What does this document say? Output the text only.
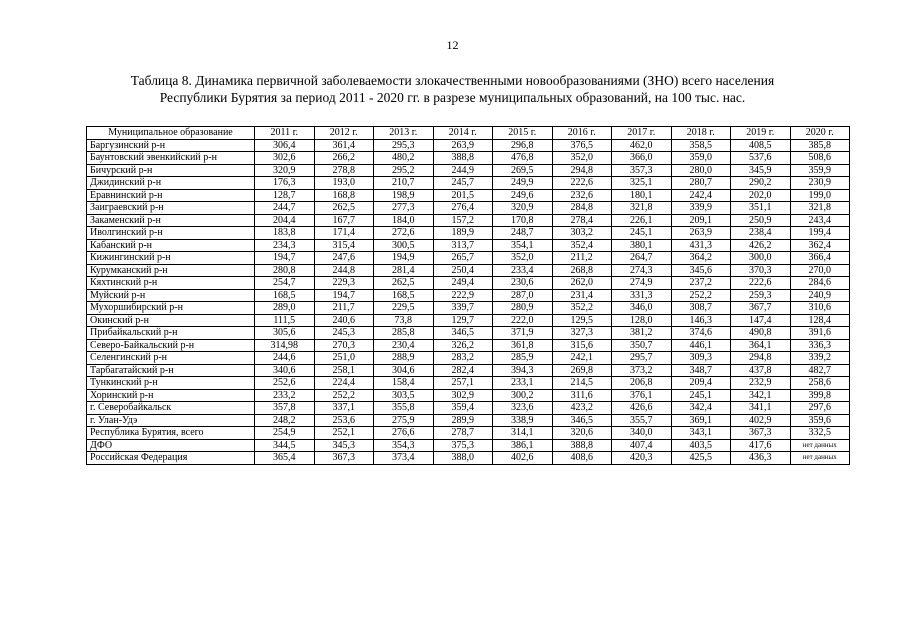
12
Таблица 8. Динамика первичной заболеваемости злокачественными новообразованиями (ЗНО) всего населения
Республики Бурятия за период 2011 - 2020 гг. в разрезе муниципальных образований, на 100 тыс. нас.
Муниципальное образование	2011 г.	2012 г.	2013 г.	2014 г.	2015 г.	2016 г.	2017 г.	2018 г.	2019 г.	2020 г.
Баргузинский р-н	306,4	361,4	295,3	263,9	296,8	376,5	462,0	358,5	408,5	385,8
Баунтовский эвенкийский р-н	302,6	266,2	480,2	388,8	476,8	352,0	366,0	359,0	537,6	508,6
Бичурский р-н	320,9	278,8	295,2	244,9	269,5	294,8	357,3	280,0	345,9	359,9
Джидинский р-н	176,3	193,0	210,7	245,7	249,9	222,6	325,1	280,7	290,2	230,9
Еравнинский р-н	128,7	168,8	198,9	201,5	249,6	232,6	180,1	242,4	202,0	199,0
Заиграевский р-н	244,7	262,5	277,3	276,4	320,9	284,8	321,8	339,9	351,1	321,8
Закаменский р-н	204,4	167,7	184,0	157,2	170,8	278,4	226,1	209,1	250,9	243,4
Иволгинский р-н	183,8	171,4	272,6	189,9	248,7	303,2	245,1	263,9	238,4	199,4
Кабанский р-н	234,3	315,4	300,5	313,7	354,1	352,4	380,1	431,3	426,2	362,4
Кижингинский р-н	194,7	247,6	194,9	265,7	352,0	211,2	264,7	364,2	300,0	366,4
Курумканский р-н	280,8	244,8	281,4	250,4	233,4	268,8	274,3	345,6	370,3	270,0
Кяхтинский р-н	254,7	229,3	262,5	249,4	230,6	262,0	274,9	237,2	222,6	284,6
Муйский р-н	168,5	194,7	168,5	222,9	287,0	231,4	331,3	252,2	259,3	240,9
Мухоршибирский р-н	289,0	211,7	229,5	339,7	280,9	352,2	346,0	308,7	367,7	310,6
Окинский р-н	111,5	240,6	73,8	129,7	222,0	129,5	128,0	146,3	147,4	128,4
Прибайкальский р-н	305,6	245,3	285,8	346,5	371,9	327,3	381,2	374,6	490,8	391,6
Северо-Байкальский р-н	314,98	270,3	230,4	326,2	361,8	315,6	350,7	446,1	364,1	336,3
Селенгинский р-н	244,6	251,0	288,9	283,2	285,9	242,1	295,7	309,3	294,8	339,2
Тарбагатайский р-н	340,6	258,1	304,6	282,4	394,3	269,8	373,2	348,7	437,8	482,7
Тункинский р-н	252,6	224,4	158,4	257,1	233,1	214,5	206,8	209,4	232,9	258,6
Хоринский р-н	233,2	252,2	303,5	302,9	300,2	311,6	376,1	245,1	342,1	399,8
г. Северобайкальск	357,8	337,1	355,8	359,4	323,6	423,2	426,6	342,4	341,1	297,6
г. Улан-Удэ	248,2	253,6	275,9	289,9	338,9	346,5	355,7	369,1	402,9	359,6
Республика Бурятия, всего	254,9	252,1	276,6	278,7	314,1	320,6	340,0	343,1	367,3	332,5
ДФО	344,5	345,3	354,3	375,3	386,1	388,8	407,4	403,5	417,6	нет данных
Российская Федерация	365,4	367,3	373,4	388,0	402,6	408,6	420,3	425,5	436,3	нет данных
